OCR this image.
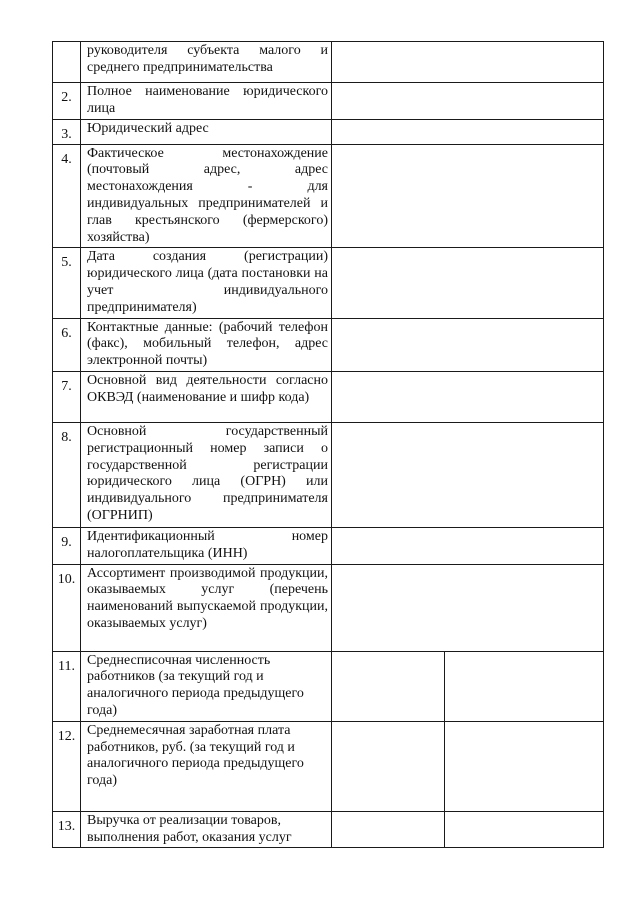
	руководителя субъекта малого и среднего предпринимательства		

2.	Полное наименование юридического лица		

3.	Юридический адрес		

4.	Фактическое местонахождение (почтовый адрес, адрес местонахождения - для индивидуальных предпринимателей и глав крестьянского (фермерского) хозяйства)		

5.	Дата создания (регистрации) юридического лица (дата постановки на учет индивидуального предпринимателя)		

6.	Контактные данные: (рабочий телефон (факс), мобильный телефон, адрес электронной почты)		

7.	Основной вид деятельности согласно ОКВЭД (наименование и шифр кода)		

8.	Основной государственный регистрационный номер записи о государственной регистрации юридического лица (ОГРН) или индивидуального предпринимателя (ОГРНИП)		

9.	Идентификационный номер налогоплательщика (ИНН)		

10.	Ассортимент производимой продукции, оказываемых услуг (перечень наименований выпускаемой продукции, оказываемых услуг)		

11.	Среднесписочная численность работников (за текущий год и аналогичного периода предыдущего года)		

12.	Среднемесячная заработная плата работников, руб. (за текущий год и аналогичного периода предыдущего года)		

13.	Выручка от реализации товаров, выполнения работ, оказания услуг		
